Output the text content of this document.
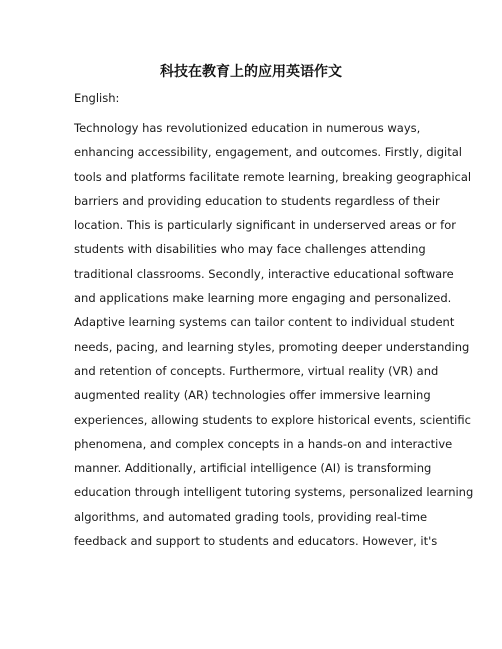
科技在教育上的应用英语作文
English:
Technology has revolutionized education in numerous ways,
enhancing accessibility, engagement, and outcomes. Firstly, digital
tools and platforms facilitate remote learning, breaking geographical
barriers and providing education to students regardless of their
location. This is particularly significant in underserved areas or for
students with disabilities who may face challenges attending
traditional classrooms. Secondly, interactive educational software
and applications make learning more engaging and personalized.
Adaptive learning systems can tailor content to individual student
needs, pacing, and learning styles, promoting deeper understanding
and retention of concepts. Furthermore, virtual reality (VR) and
augmented reality (AR) technologies offer immersive learning
experiences, allowing students to explore historical events, scientific
phenomena, and complex concepts in a hands-on and interactive
manner. Additionally, artificial intelligence (AI) is transforming
education through intelligent tutoring systems, personalized learning
algorithms, and automated grading tools, providing real-time
feedback and support to students and educators. However, it's
